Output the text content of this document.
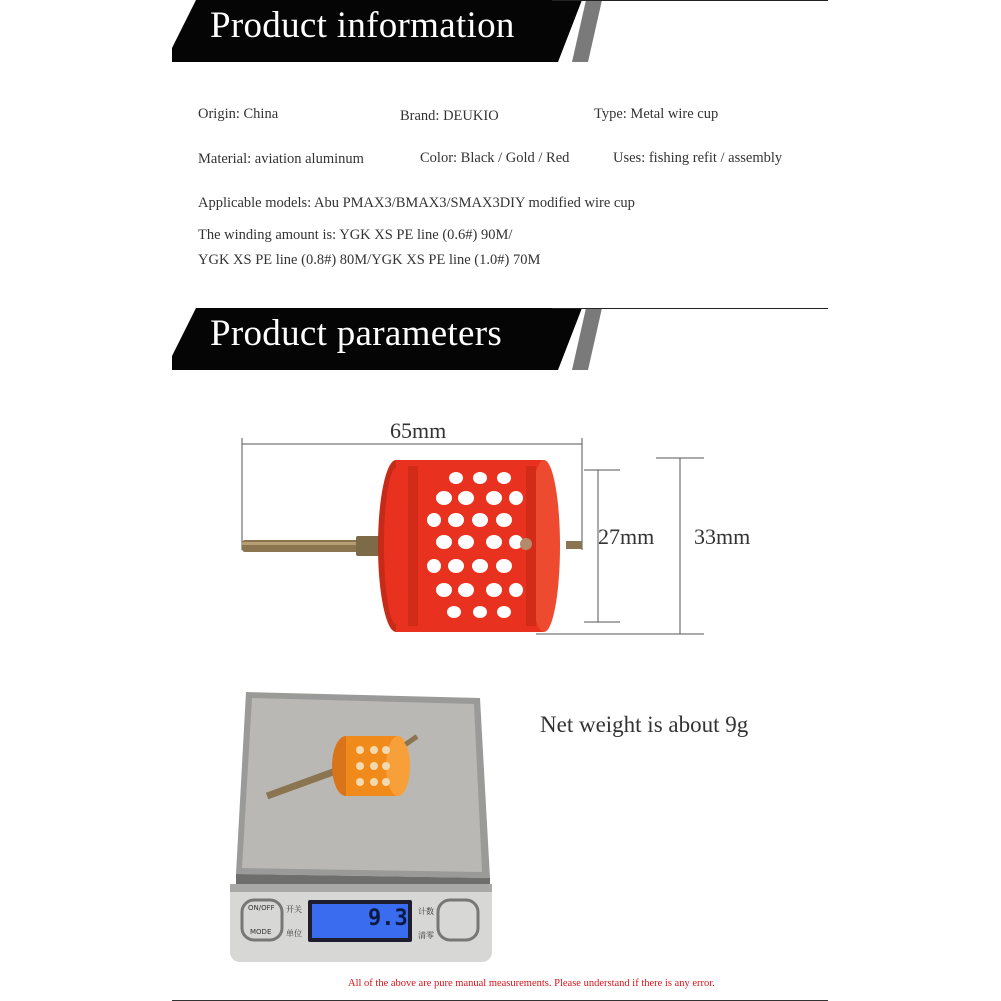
Product information
Origin: China	Brand: DEUKIO	Type: Metal wire cup
Material: aviation aluminum	Color: Black / Gold / Red	Uses: fishing refit / assembly
Applicable models: Abu PMAX3/BMAX3/SMAX3DIY modified wire cup
The winding amount is: YGK XS PE line (0.6#) 90M/
YGK XS PE line (0.8#) 80M/YGK XS PE line (1.0#) 70M
Product parameters
65mm
27mm 33mm
9.3
ON/OFF
MODE
开关
单位
计数
清零
Net weight is about 9g
All of the above are pure manual measurements. Please understand if there is any error.
